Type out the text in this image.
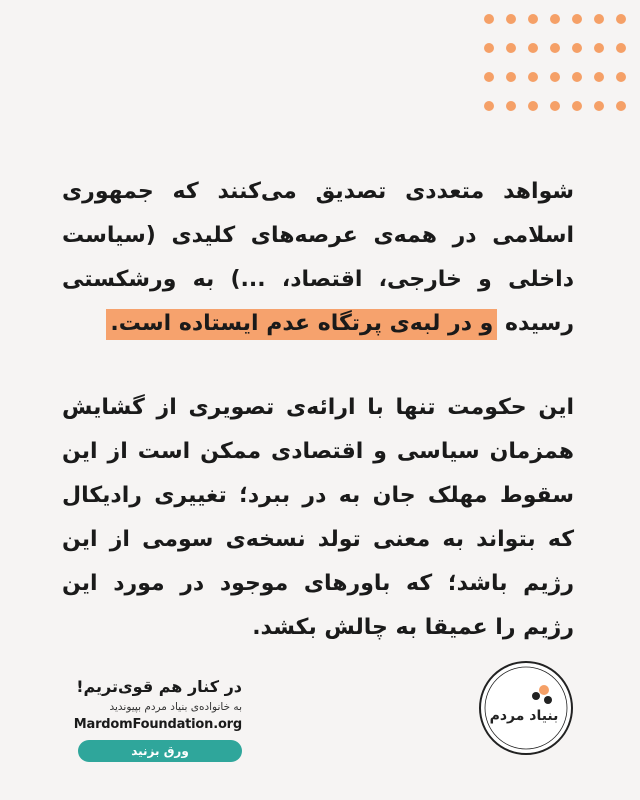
شواهد متعددی تصدیق می‌کنند که جمهوری اسلامی در همه‌ی عرصه‌های کلیدی (سیاست داخلی و خارجی، اقتصاد، ...) به ورشکستی رسیده و در لبه‌ی پرتگاه عدم ایستاده است.

این حکومت تنها با ارائه‌ی تصویری از گشایش همزمان سیاسی و اقتصادی ممکن است از این سقوط مهلک جان به در ببرد؛ تغییری رادیکال که بتواند به معنی تولد نسخه‌ی سومی از این رژیم باشد؛ که باورهای موجود در مورد این رژیم را عمیقا به چالش بکشد.

در کنار هم قوی‌تریم!
به خانواده‌ی بنیاد مردم بپیوندید
MardomFoundation.org
ورق بزنید
بنیاد مردم
